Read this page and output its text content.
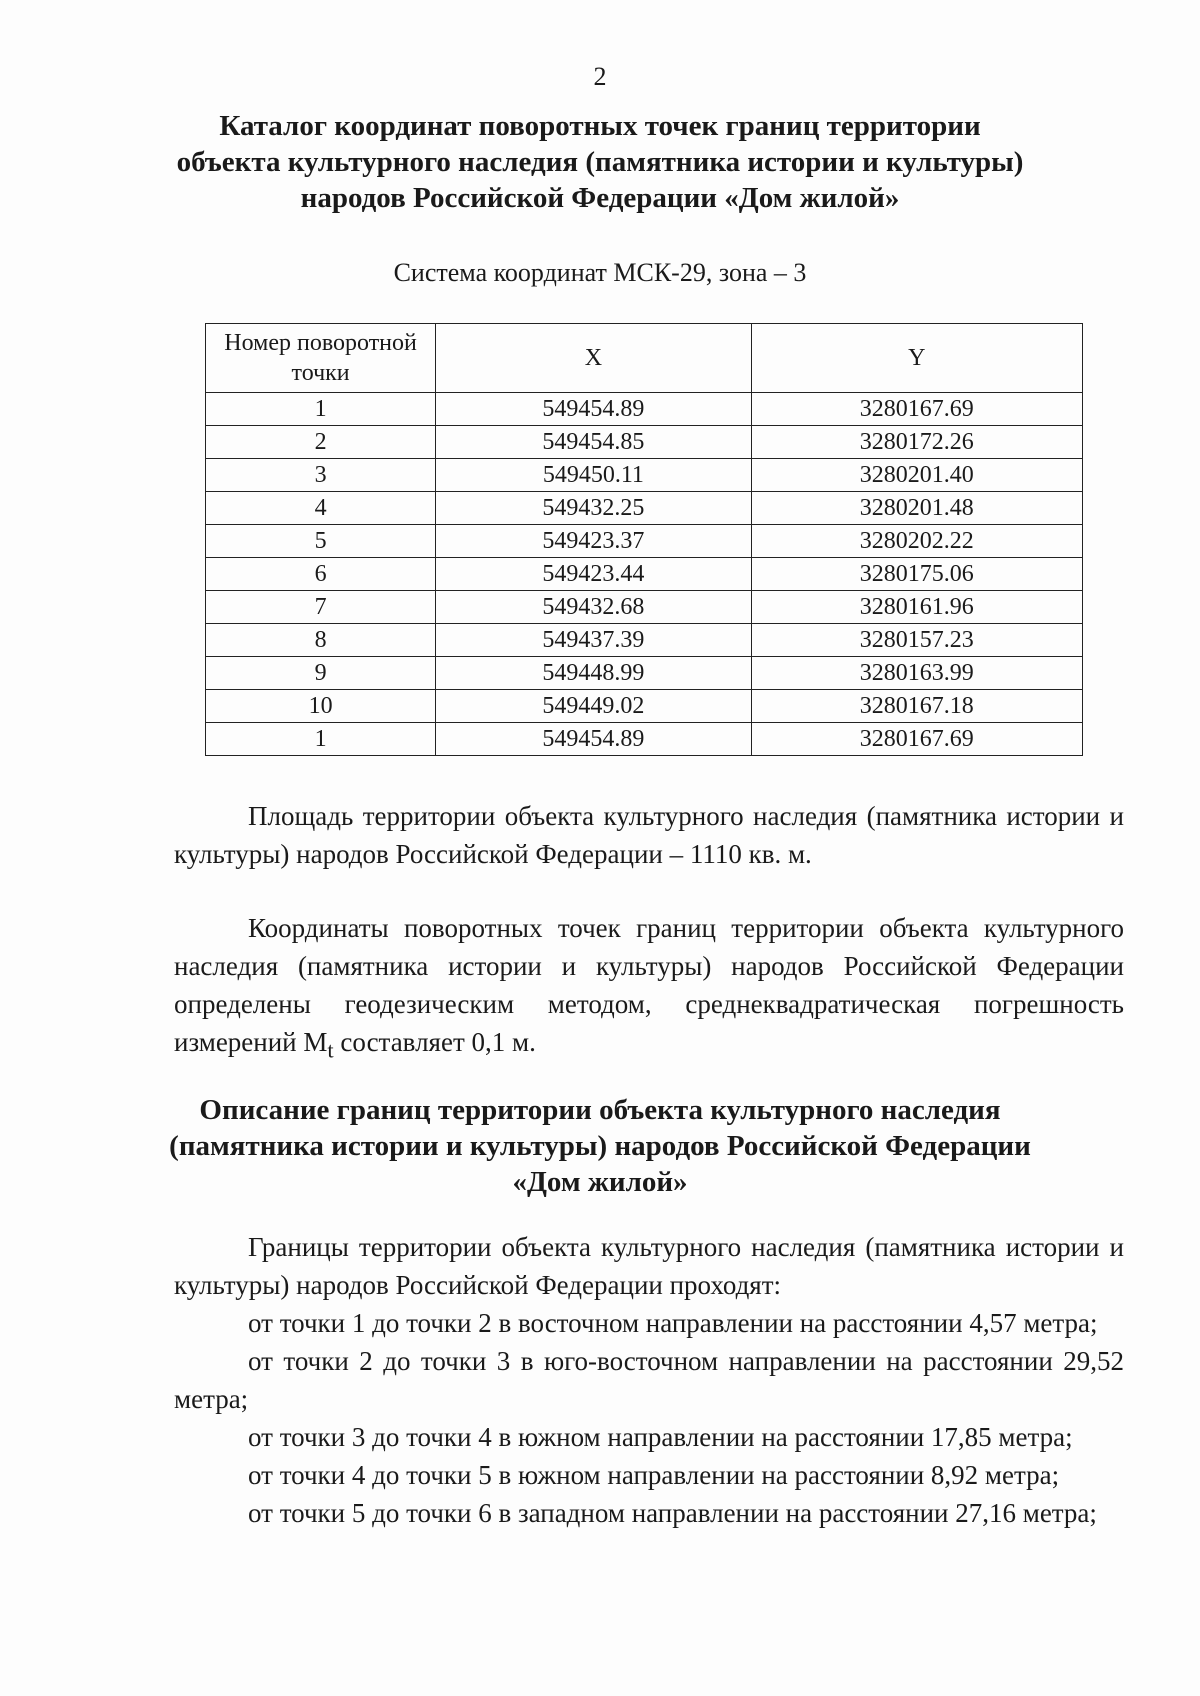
2

Каталог координат поворотных точек границ территории

объекта культурного наследия (памятника истории и культуры)

народов Российской Федерации «Дом жилой»

Система координат МСК-29, зона – 3
Номер поворотной точки	X	Y
1	549454.89	3280167.69
2	549454.85	3280172.26
3	549450.11	3280201.40
4	549432.25	3280201.48
5	549423.37	3280202.22
6	549423.44	3280175.06
7	549432.68	3280161.96
8	549437.39	3280157.23
9	549448.99	3280163.99
10	549449.02	3280167.18
1	549454.89	3280167.69

Площадь территории объекта культурного наследия (памятника истории и культуры) народов Российской Федерации – 1110 кв. м.

Координаты поворотных точек границ территории объекта культурного наследия (памятника истории и культуры) народов Российской Федерации определены геодезическим методом, среднеквадратическая погрешность измерений $M_t$ составляет 0,1 м.

Описание границ территории объекта культурного наследия

(памятника истории и культуры) народов Российской Федерации

«Дом жилой»

Границы территории объекта культурного наследия (памятника истории и культуры) народов Российской Федерации проходят:

от точки 1 до точки 2 в восточном направлении на расстоянии 4,57 метра;

от точки 2 до точки 3 в юго-восточном направлении на расстоянии 29,52 метра;

от точки 3 до точки 4 в южном направлении на расстоянии 17,85 метра;

от точки 4 до точки 5 в южном направлении на расстоянии 8,92 метра;

от точки 5 до точки 6 в западном направлении на расстоянии 27,16 метра;
